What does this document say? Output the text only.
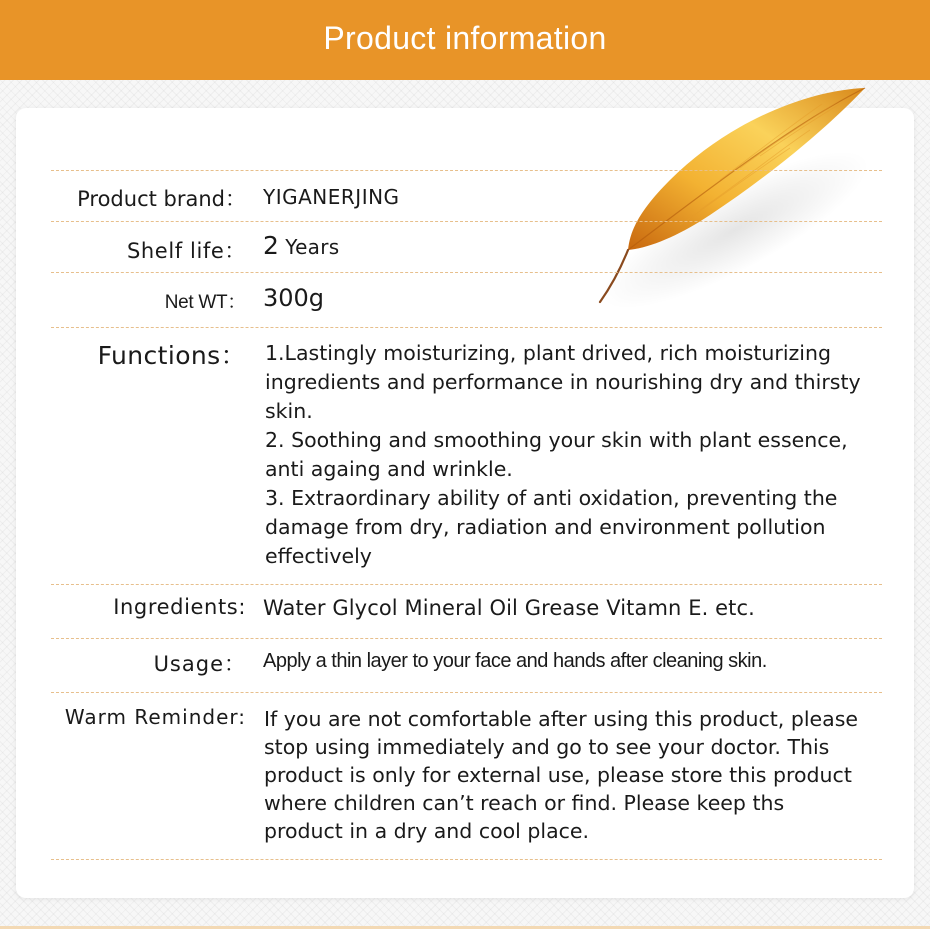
Product information
Product brand： YIGANERJING
Shelf life： 2 Years
Net WT： 300g
Functions： 1.Lastingly moisturizing, plant drived, rich moisturizing ingredients and performance in nourishing dry and thirsty skin.

2. Soothing and smoothing your skin with plant essence, anti againg and wrinkle.

3. Extraordinary ability of anti oxidation, preventing the damage from dry, radiation and environment pollution effectively

Ingredients: Water Glycol Mineral Oil Grease Vitamn E. etc.
Usage： Apply a thin layer to your face and hands after cleaning skin.
Warm Reminder: If you are not comfortable after using this product, please stop using immediately and go to see your doctor. This product is only for external use, please store this product where children can’t reach or find. Please keep ths product in a dry and cool place.
